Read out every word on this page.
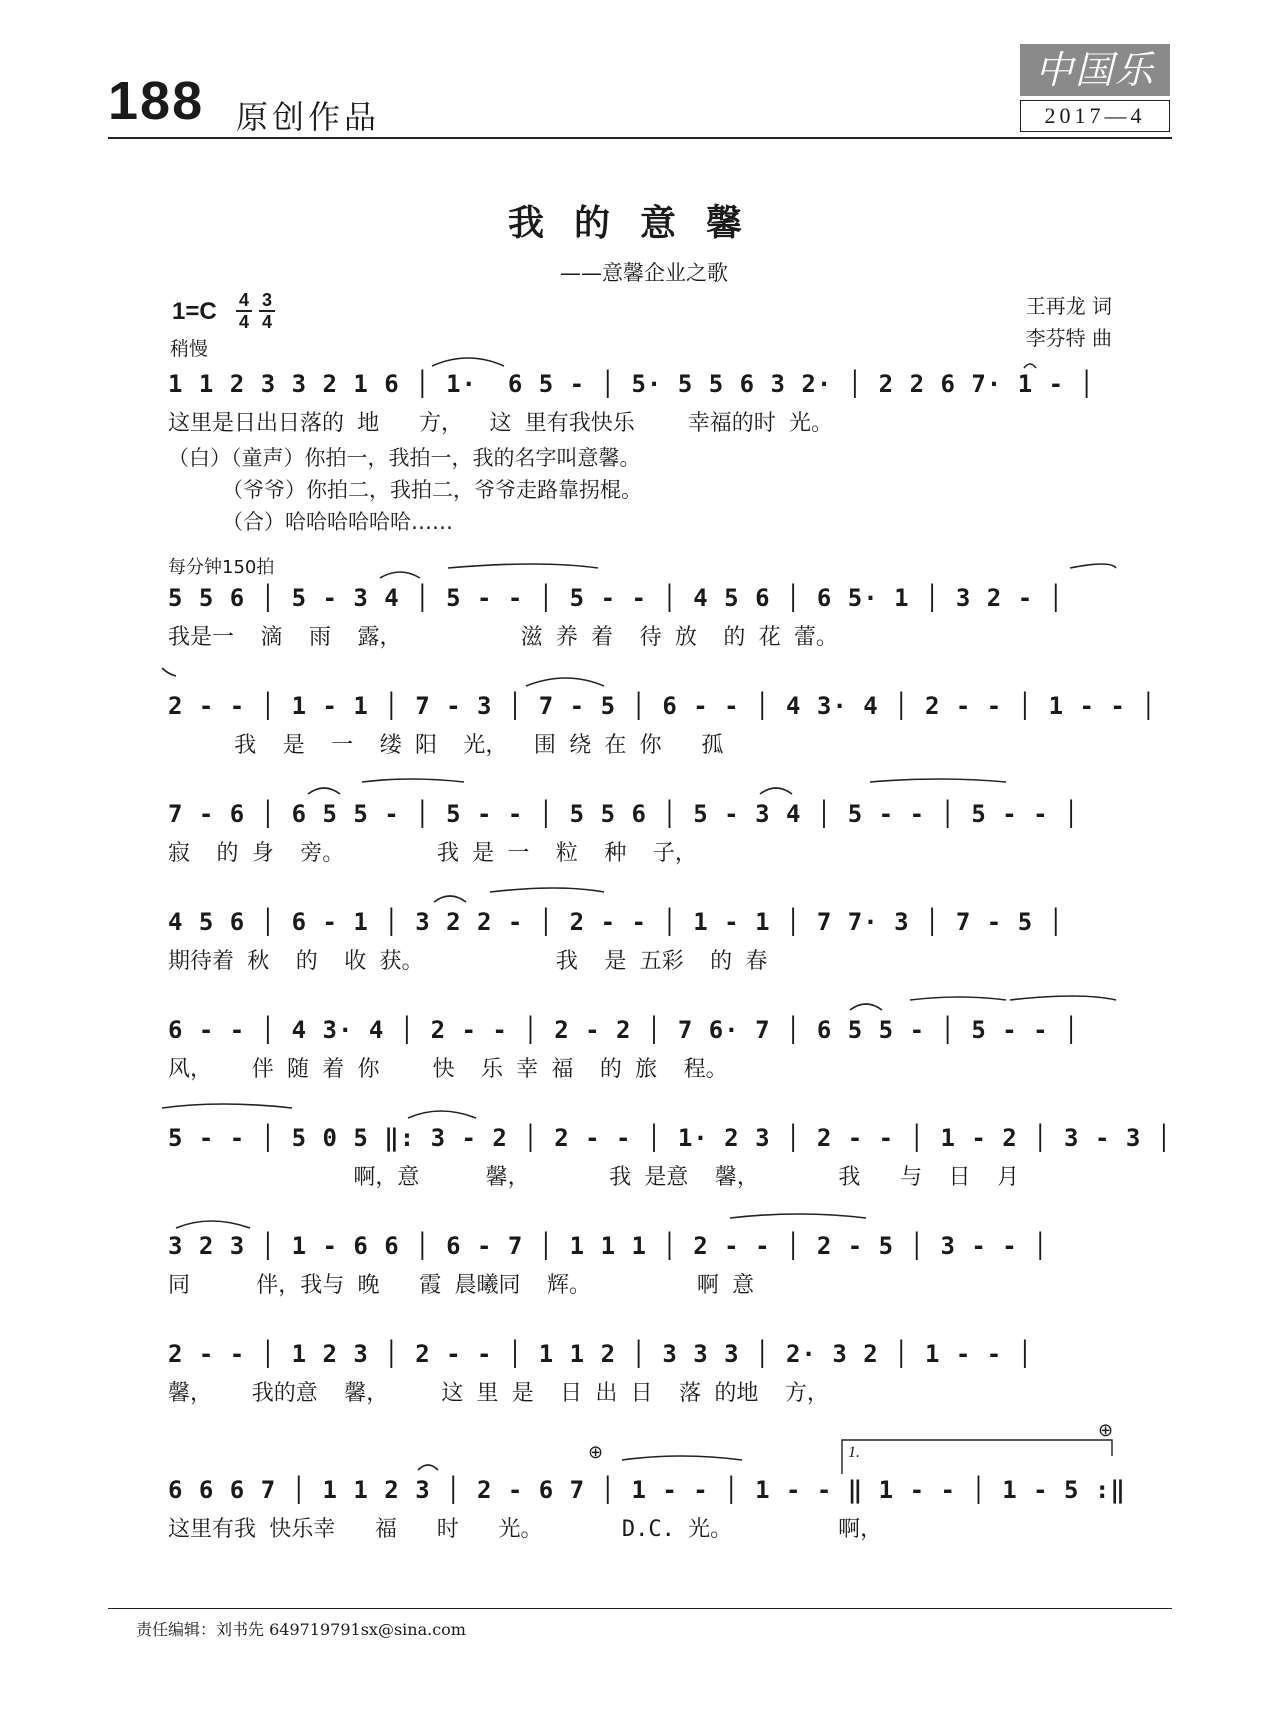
188 原创作品
中国乐
2017—4
我的意馨
——意馨企业之歌
1=C 4
4
3
4
稍慢
王再龙 词
李芬特 曲
1 1 2 3 3 2 1 6 │ 1·  6 5 - │ 5· 5 5 6 3 2· │ 2 2 6 7· 1 - │
这里是日出日落的 地   方，  这 里有我快乐    幸福的时 光。
（白）（童声）你拍一，我拍一，我的名字叫意馨。
（爷爷）你拍二，我拍二，爷爷走路靠拐棍。
（合）哈哈哈哈哈哈……
每分钟150拍
5 5 6 │ 5 - 3 4 │ 5 - - │ 5 - - │ 4 5 6 │ 6 5· 1 │ 3 2 - │
我是一  滴  雨  露，         滋 养 着  待 放  的 花 蕾。
2 - - │ 1 - 1 │ 7 - 3 │ 7 - 5 │ 6 - - │ 4 3· 4 │ 2 - - │ 1 - - │
我  是  一  缕 阳  光，  围 绕 在 你   孤
7 - 6 │ 6 5 5 - │ 5 - - │ 5 5 6 │ 5 - 3 4 │ 5 - - │ 5 - - │
寂  的 身  旁。       我 是 一  粒  种  子，
4 5 6 │ 6 - 1 │ 3 2 2 - │ 2 - - │ 1 - 1 │ 7 7· 3 │ 7 - 5 │
期待着 秋  的  收 获。          我  是 五彩  的 春
6 - - │ 4 3· 4 │ 2 - - │ 2 - 2 │ 7 6· 7 │ 6 5 5 - │ 5 - - │
风，   伴 随 着 你    快  乐 幸 福  的 旅  程。
5 - - │ 5 0 5 ‖: 3 - 2 │ 2 - - │ 1· 2 3 │ 2 - - │ 1 - 2 │ 3 - 3 │
啊，意     馨，      我 是意  馨，      我   与  日  月
3 2 3 │ 1 - 6 6 │ 6 - 7 │ 1 1 1 │ 2 - - │ 2 - 5 │ 3 - - │
同     伴，我与 晚   霞 晨曦同  辉。        啊 意
2 - - │ 1 2 3 │ 2 - - │ 1 1 2 │ 3 3 3 │ 2· 3 2 │ 1 - - │
馨，   我的意  馨，    这 里 是  日 出 日  落 的地  方，
⊕
⊕
1.
6 6 6 7 │ 1 1 2 3 │ 2 - 6 7 │ 1 - - │ 1 - - ‖ 1 - - │ 1 - 5 :‖
这里有我 快乐幸   福   时   光。      D.C. 光。        啊，
责任编辑：刘书先 649719791sx@sina.com
